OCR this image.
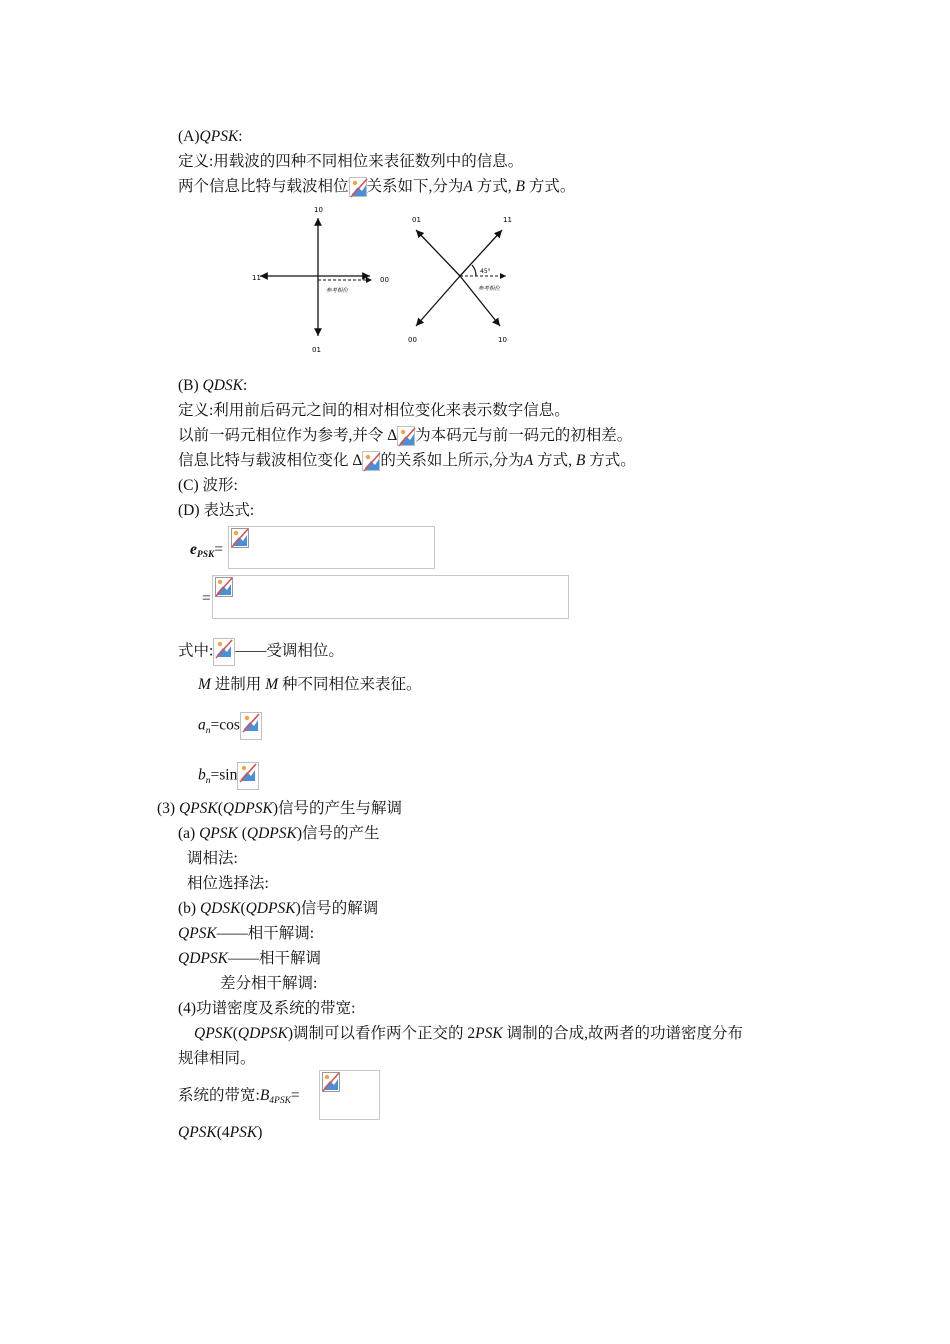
(A)QPSK:
定义:用载波的四种不同相位来表征数列中的信息。
两个信息比特与载波相位 关系如下,分为A 方式, B 方式。
10
01
11	00
参考相位
01	11
00	10
45°
参考相位
(B) QDSK:
定义:利用前后码元之间的相对相位变化来表示数字信息。
以前一码元相位作为参考,并令 Δ 为本码元与前一码元的初相差。
信息比特与载波相位变化 Δ 的关系如上所示,分为A 方式, B 方式。
(C) 波形:
(D) 表达式:
ePSK=
=
式中: ——受调相位。
M 进制用 M 种不同相位来表征。
an=cos
bn=sin
(3) QPSK(QDPSK)信号的产生与解调
(a) QPSK (QDPSK)信号的产生
调相法:
相位选择法:
(b) QDSK(QDPSK)信号的解调
QPSK——相干解调:
QDPSK——相干解调
差分相干解调:
(4)功谱密度及系统的带宽:
QPSK(QDPSK)调制可以看作两个正交的 2PSK 调制的合成,故两者的功谱密度分布
规律相同。
系统的带宽:B4PSK=
QPSK(4PSK)
